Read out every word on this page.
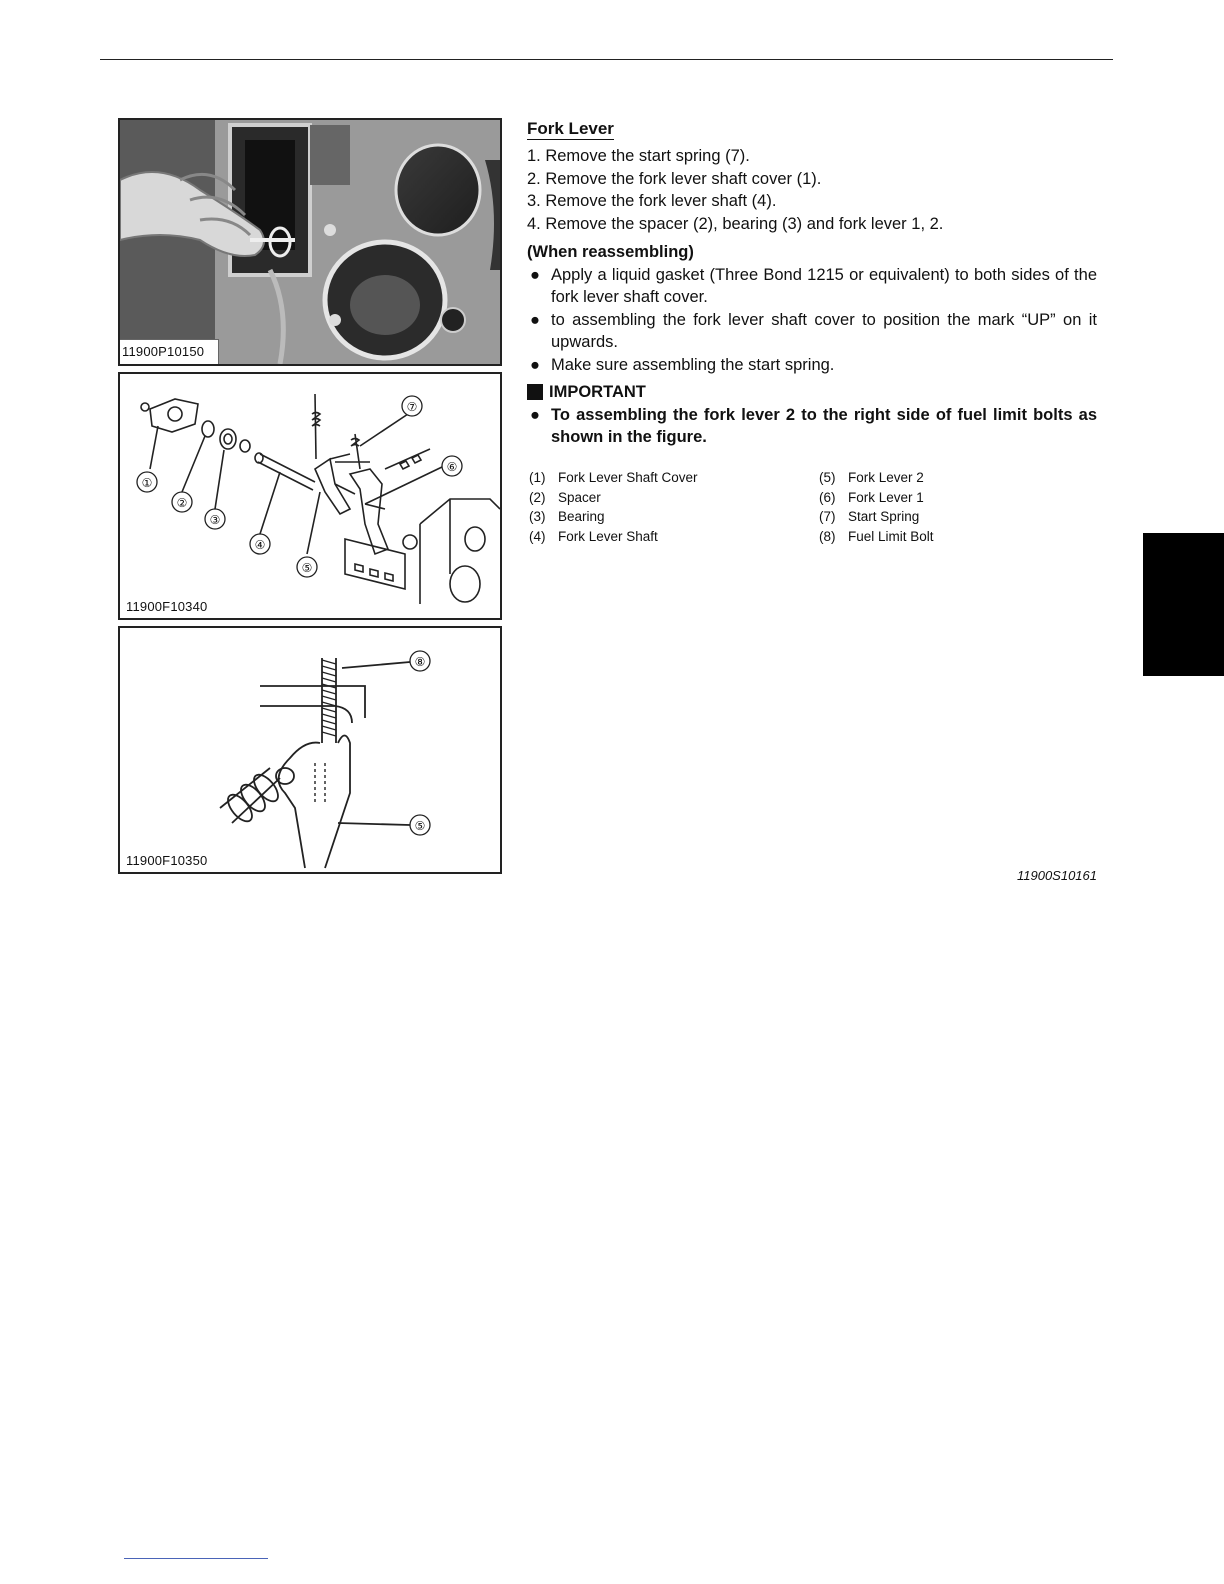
11900P10150
①
②
③
④
⑤
⑥
⑦
11900F10340
⑧
⑤
11900F10350
Fork Lever
1. Remove the start spring (7).
2. Remove the fork lever shaft cover (1).
3. Remove the fork lever shaft (4).
4. Remove the spacer (2), bearing (3) and fork lever 1, 2.
(When reassembling)
● Apply a liquid gasket (Three Bond 1215 or equivalent) to both sides of the fork lever shaft cover.
● to assembling the fork lever shaft cover to position the mark “UP” on it upwards.
● Make sure assembling the start spring.
IMPORTANT
● To assembling the fork lever 2 to the right side of fuel limit bolts as shown in the figure.
(1) Fork Lever Shaft Cover
(2) Spacer
(3) Bearing
(4) Fork Lever Shaft
(5) Fork Lever 2
(6) Fork Lever 1
(7) Start Spring
(8) Fuel Limit Bolt
11900S10161
